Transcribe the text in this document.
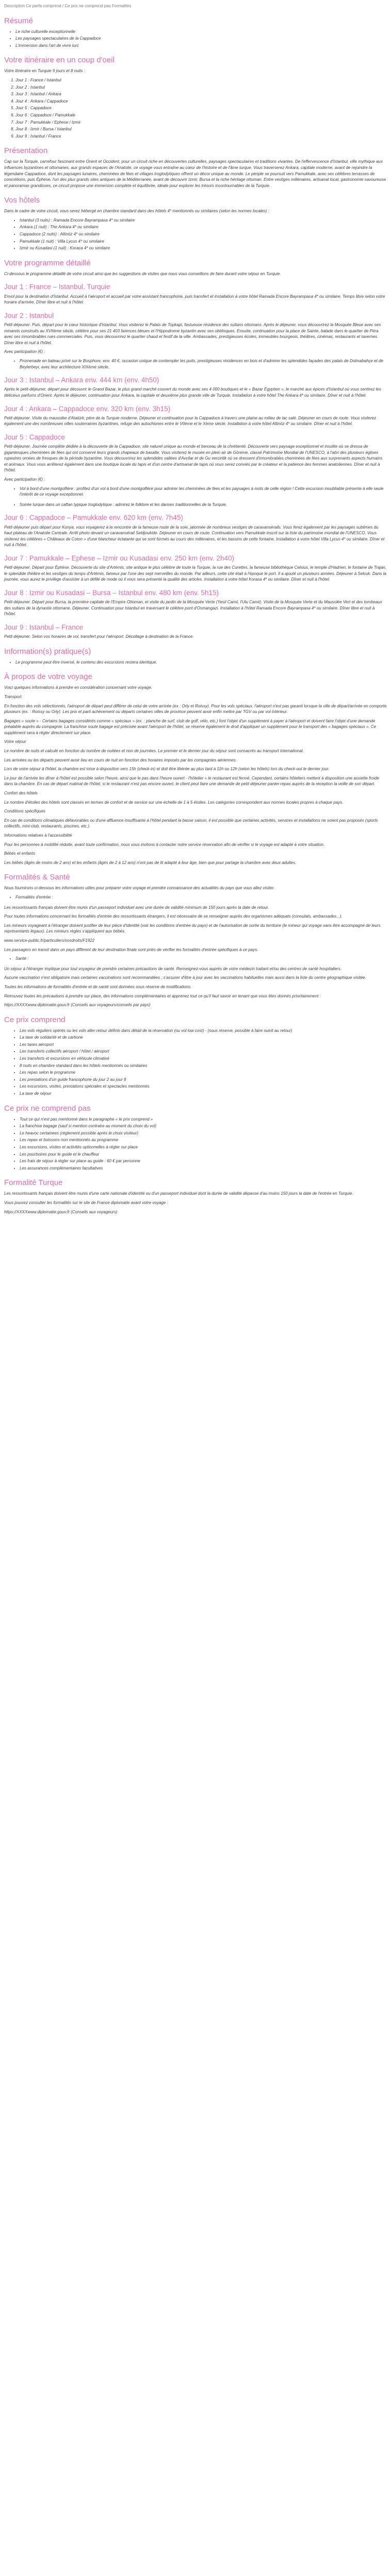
Description Ce parfa comprend / Ce prix ne comprend pas Formalités
Résumé
• Le riche culturelle exceptionnelle
• Les paysages spectaculaires de la Cappadoce
• L'immersion dans l'art de vivre turc
Votre itinéraire en un coup d'oeil

Votre itinéraire en Turquie 9 jours et 8 nuits :

1. Jour 1 : France / Istanbul
2. Jour 2 : Istanbul
3. Jour 3 : Istanbul / Ankara
4. Jour 4 : Ankara / Cappadoce
5. Jour 5 : Cappadoce
6. Jour 6 : Cappadoce / Pamukkale
7. Jour 7 : Pamukkale / Ephese / Izmir
8. Jour 8 : Izmir / Bursa / Istanbul
9. Jour 9 : Istanbul / France
Présentation

Cap sur la Turquie, carrefour fascinant entre Orient et Occident, pour un circuit riche en découvertes culturelles, paysages spectaculaires et traditions vivantes. De l'effervescence d'Istanbul, ville mythique aux influences byzantines et ottomanes, aux grands espaces de l'Anatolie, ce voyage vous entraîne au cœur de l'histoire et de l'âme turque. Vous traverserez Ankara, capitale moderne, avant de rejoindre la légendaire Cappadoce, dont les paysages lunaires, cheminées de fées et villages troglodytiques offrent un décor unique au monde. Le périple se poursuit vers Pamukkale, avec ses célèbres terrasses de concrétions, puis Éphèse, l'un des plus grands sites antiques de la Méditerranée, avant de découvrir Izmir, Bursa et la riche héritage ottoman. Entre vestiges millénaires, artisanat local, gastronomie savoureuse et panoramas grandioses, ce circuit propose une immersion complète et équilibrée, idéale pour explorer les trésors incontournables de la Turquie.

Vos hôtels

Dans le cadre de votre circuit, vous serez hébergé en chambre standard dans des hôtels 4* mentionnés ou similaires (selon les normes locales) :

• Istanbul (3 nuits) : Ramada Encore Bayrampasa 4* ou similaire
• Ankara (1 nuit) : The Ankara 4* ou similaire
• Cappadoce (2 nuits) : Altinöz 4* ou similaire
• Pamukkale (1 nuit) : Villa Lycus 4* ou similaire
• Izmir ou Kusadasi (1 nuit) : Koraca 4* ou similaire
Votre programme détaillé

Ci-dessous le programme détaillé de votre circuit ainsi que les suggestions de visites que nous vous conseillons de faire durant votre séjour en Turquie.

Jour 1 : France – Istanbul, Turquie

Envol pour la destination d'Istanbul. Accueil à l'aéroport et accueil par votre assistant francophone, puis transfert et installation à votre hôtel Ramada Encore Bayrampasa 4* ou similaire. Temps libre selon votre horaire d'arrivée. Dîner libre et nuit à l'hôtel.

Jour 2 : Istanbul

Petit-déjeuner. Puis, départ pour le cœur historique d'Istanbul. Vous visiterez le Palais de Topkapi, fastueuse résidence des sultans ottomans. Après le déjeuner, vous découvrirez la Mosquée Bleue avec ses minarets construits au XVIIème siècle, célèbre pour ses 21 403 faïences bleues et l'Hippodrome byzantin avec ses obélisques. Ensuite, continuation pour la place de Sainte, balade dans le quartier de Péra avec ses innombrables rues commerciales. Puis, vous découvrirez le quartier chaud et festif de la ville. Ambassades, prestigieuses écoles, immeubles bourgeois, théâtres, cinémas, restaurants et tavernes. Dîner libre et nuit à l'hôtel.

Avec participation (€) :

• Promenade en bateau privé sur le Bosphore, env. 40 €, occasion unique de contempler les puits, prestigieuses résidences en bois et d'admirer les splendides façades des palais de Dolmabahçe et de Beylerbeyi, avec leur architecture XIXème siècle.
Jour 3 : Istanbul – Ankara env. 444 km (env. 4h50)

Après le petit-déjeuner, départ pour découvrir le Grand Bazar, le plus grand marché couvert du monde avec ses 4 000 boutiques et le « Bazar Égyptien », le marché aux épices d'Istanbul où vous sentirez les délicieux parfums d'Orient. Après le déjeuner, continuation pour Ankara, la capitale et deuxième plus grande ville de Turquie. Installation à votre hôtel The Ankara 4* ou similaire. Dîner et nuit à l'hôtel.

Jour 4 : Ankara – Cappadoce env. 320 km (env. 3h15)

Petit-déjeuner. Visite du mausolée d'Atatürk, père de la Turquie moderne. Déjeuner et continuation pour la Cappadoce à travers une plaine au milieu de lac salé. Déjeuner en cours de route. Vous visiterez également une des nombreuses villes souterraines byzantines, refuge des autochtones entre le VIIème et le Xème siècle. Installation à votre hôtel Altinöz 4* ou similaire. Dîner et nuit à l'hôtel.

Jour 5 : Cappadoce

Petit-déjeuner. Journée complète dédiée à la découverte de la Cappadoce, site naturel unique au monde et berceau de la chrétienté. Découverte vers paysage exceptionnel et insolite où se dressa de gigantesques cheminées de fées qui ont conservé leurs grands chapeaux de basalte. Vous visiterez le musée en plein air de Göreme, classé Patrimoine Mondial de l'UNESCO, à l'abri des plusieurs églises rupestres ornées de fresques de la période byzantine. Vous découvrirez les splendides vallées d'Avcilar et de Gu vercinlik où se dressent d'innombrables cheminées de fées aux surprenants aspects humains et animaux. Vous vous arrêterez également dans une boutique locale du tapis et d'un centre d'artisanat de tapis où vous serez conviés par le créateur et la patience des femmes anatoliennes. Dîner et nuit à l'hôtel.

Avec participation (€) :

• Vol à bord d'une montgolfière : profitez d'un vol à bord d'une montgolfière pour admirer les cheminées de fées et les paysages à mots de celle région ! Cette excursion inoubliable présente à elle seule l'intérêt de ce voyage exceptionnel.
• Soirée turque dans un caftan typique troglodytique : admirez le folklore et les danses traditionnelles de la Turquie.
Jour 6 : Cappadoce – Pamukkale env. 620 km (env. 7h45)

Petit-déjeuner puis départ pour Konya, vous voyagerez à la rencontre de la fameuse route de la soie, jalonnée de nombreux vestiges de caravansérails. Vous ferez également par les paysages sublimes du haut plateau de l'Anatolie Centrale. Arrêt photo devant un caravansérail Seldjoukide. Déjeuner en cours de route. Continuation vers Pamukkale inscrit sur la liste du patrimoine mondial de l'UNESCO. Vous visiterez les célèbres « Châteaux de Coton » d'une blancheur éclatante qui se sont formés au cours des millénaires, et les bassins de cette fontaine. Installation à votre hôtel Villa Lycus 4* ou similaire. Dîner et nuit à l'hôtel.

Jour 7 : Pamukkale – Ephese – Izmir ou Kusadasi env. 250 km (env. 2h40)

Petit-déjeuner. Départ pour Éphèse. Découverte du site d'Artémis, site antique le plus célèbre de toute la Turquie, la rue des Curettes, la fameuse bibliothèque Celsius, le temple d'Hadrien, le fontaine de Trajan, le splendide théâtre et les vestiges du temps d'Artémis, fameux par l'une des sept merveilles du monde. Par ailleurs, cette cité était à l'époque le port. Il a ajouté un plusieurs années. Déjeuner à Selcuk. Dans la journée, vous aurez le privilège d'assister à un défilé de mode où il vous sera présenté la qualité des articles. Installation à votre hôtel Korasa 4* ou similaire. Dîner et nuit à l'hôtel.

Jour 8 : Izmir ou Kusadasi – Bursa – Istanbul env. 480 km (env. 5h15)

Petit-déjeuner. Départ pour Bursa, la première capitale de l'Empire Ottoman, et visite du jardin de la Mosquée Verte (Yesil Camii, l'Ulu Camii). Visite de la Mosquée Verte et du Mausolée Vert et des tombeaux des sultans de la dynastie ottomane. Déjeuner. Continuation pour Istanbul en traversant le célèbre pont d'Osmangazi. Installation à l'hôtel Ramada Encore Bayrampasa 4* ou similaire. Dîner libre et nuit à l'hôtel.

Jour 9 : Istanbul – France

Petit-déjeuner. Selon vos horaires de vol, transfert pour l'aéroport. Décollage à destination de la France.

Information(s) pratique(s)
• Le programme peut être inversé, le contenu des excursions restera identique.
À propos de votre voyage

Voici quelques informations à prendre en considération concernant votre voyage.

Transport

En fonction des vols sélectionnés, l'aéroport de départ peut différer de celui de votre arrivée (ex : Orly et Roissy). Pour les vols spéciaux, l'aéroport n'est pas garanti lorsque la ville de départ/arrivée en comporte plusieurs (ex. : Roissy ou Orly). Les prix et parti achèvement ou départs certaines villes de province peuvent avoir enfin mettre par TGV ou par vol intérieur.

Bagages « soute » - Certains bagages considérés comme « spéciaux » (ex. : planche de surf, club de golf, vélo, etc.) font l'objet d'un supplément à payer à l'aéroport et doivent faire l'objet d'une demande préalable auprès du compagnie. La franchise soute bagage est précisée avant l'aéroport de l'hôtel, se réserve également le droit d'appliquer un supplément pour le transport des « bagages spéciaux ». Ce supplément sera à régler directement sur place.

Votre séjour

Le nombre de nuits et calculé en fonction du nombre de nuitées et non de journées. Le premier et le dernier jour du séjour sont consacrés au transport international.

Les arrivées ou les départs peuvent avoir lieu en cours de nuit en fonction des horaires imposés par les compagnies aériennes.

Lors de votre séjour à l'hôtel, la chambre est mise à disposition vers 15h (check-in) et doit être libérée au plus tard à 11h ou 12h (selon les hôtels) lors du check-out le dernier jour.

Le jour de l'arrivée les dîner à l'hôtel est possible selon l'heure, ainsi que le pas dans l'heure ouvert - l'hôtelier « le restaurant est fermé. Cependant, certains hôteliers mettent à disposition une assiette froide dans la chambre. En cas de départ matinal de l'hôtel, si le restaurant n'est pas encore ouvert, le client peut faire une demande de petit-déjeuner panier-repas auprès de la réception la veille de son départ.

Confort des hôtels

Le nombre d'étoiles des hôtels sont classés en termes de confort et de service sur une échelle de 1 à 5 étoiles. Les catégories correspondent aux normes locales propres à chaque pays.

Conditions spécifiques

En cas de conditions climatiques défavorables ou d'une affluence insuffisante à l'hôtel pendant la basse saison, il est possible que certaines activités, services et installations ne soient pas proposés (sports collectifs, mini-club, restaurants, piscines, etc.).

Informations relatives à l'accessibilité

Pour les personnes à mobilité réduite, avant toute confirmation, nous vous invitons à contacter notre service réservation afin de vérifier si le voyage est adapté à votre situation.

Bébés et enfants

Les bébés (âgés de moins de 2 ans) et les enfants (âgés de 2 à 12 ans) n'ont pas de lit adapté à leur âge, bien que pour partage la chambre avec deux adultes.

Formalités & Santé

Nous fournirons ci-dessous les informations utiles pour préparer votre voyage et prendre connaissance des actualités du pays que vous allez visiter.

• Formalités d'entrée :

Les ressortissants français doivent être munis d'un passeport individuel avec une durée de validité minimum de 150 jours après la date de retour.

Pour toutes informations concernant les formalités d'entrée des ressortissants étrangers, il est nécessaire de se renseigner auprès des organismes adéquats (consulats, ambassades...).

Les mineurs voyageant à l'étranger doivent justifier de leur pièce d'identité (voir les conditions d'entrée du pays) et de l'autorisation de sortie du territoire (le mineur qui voyage sans être accompagné de leurs représentants légaux). Les mineurs règles s'appliquent aux bébés.

www.service-public.fr/particuliers/vosdroits/F1922

Les passagers en transit dans un pays différent de leur destination finale sont priés de vérifier les formalités d'entrée spécifiques à ce pays.

• Santé :

Un séjour à l'étranger implique pour tout voyageur de prendre certaines précautions de santé. Renseignez-vous auprès de votre médecin traitant et/ou des centres de santé hospitaliers.

Aucune vaccination n'est obligatoire mais certaines vaccinations sont recommandées ; s'assurer d'être à jour avec les vaccinations habituelles mais aussi dans la liste du centre géographique visitée.

Toutes les informations de formalités d'entrée et de santé sont données sous réserve de modifications.

Retrouvez toutes les précautions à prendre sur place, des informations complémentaires et apprenez tout ce qu'il faut savoir en tenant que vous êtes donnés prioritairement :

https://XXXXwww.diplomatie.gouv.fr (Conseils aux voyageurs/conseils par pays)

Ce prix comprend
• Les vols réguliers opérés ou les vols aller-retour définis dans détail de la réservation (ou vol low cost) - (sous réserve, possible à faire suivit au retour)
• La taxe de solidarité et de carbone
• Les taxes aéroport
• Les transferts collectifs aéroport / hôtel / aéroport
• Les transferts et excursions en véhicule climatisé
• 8 nuits en chambre standard dans les hôtels mentionnés ou similaires
• Les repas selon le programme
• Les prestations d'un guide francophone du jour 2 au jour 8
• Les excursions, visites, prestations spéciales et spectacles mentionnés
• La taxe de séjour
Ce prix ne comprend pas
• Tout ce qui n'est pas mentionné dans le paragraphe « le prix comprend »
• La franchise bagage (sauf si mention contraire au moment du choix du vol)
• Le heavoc certainees (règlement possible après le choix visiteur)
• Les repas et boissons non mentionnés au programme
• Les excursions, visites et activités optionnelles à régler sur place
• Les pourboires pour le guide et le chauffeur
• Les frais de séjour à régler sur place au guide : 60 € par personne
• Les assurances complémentaires facultatives
Formalité Turque

Les ressortissants français doivent être munis d'une carte nationale d'identité ou d'un passeport individuel dont la durée de validité dépasse d'au moins 150 jours la date de l'entrée en Turquie.

Vous pouvez consulter les formalités sur le site de France diplomatie avant votre voyage :

https://XXXXwww.diplomatie.gouv.fr (Conseils aux voyageurs)
